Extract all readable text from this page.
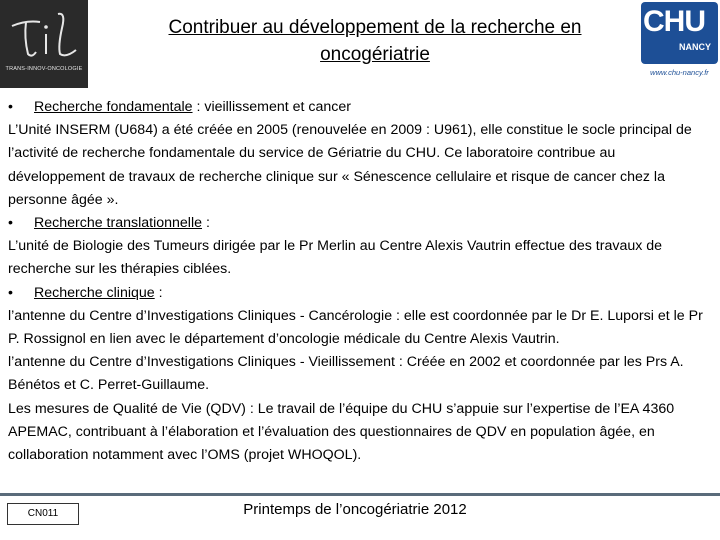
TRANS-INNOV-ONCOLOGIE
Contribuer au développement de la recherche en oncogériatrie
CHU
NANCY
www.chu-nancy.fr

• Recherche fondamentale : vieillissement et cancer

L’Unité INSERM (U684) a été créée en 2005 (renouvelée en 2009 : U961), elle constitue le socle principal de l’activité de recherche fondamentale du service de Gériatrie du CHU. Ce laboratoire contribue au développement de travaux de recherche clinique sur « Sénescence cellulaire et risque de cancer chez la personne âgée ».

• Recherche translationnelle :

L’unité de Biologie des Tumeurs dirigée par le Pr Merlin au Centre Alexis Vautrin effectue des travaux de recherche sur les thérapies ciblées.

• Recherche clinique :

l’antenne du Centre d’Investigations Cliniques - Cancérologie : elle est coordonnée par le Dr E. Luporsi et le Pr P. Rossignol en lien avec le département d’oncologie médicale du Centre Alexis Vautrin.

l’antenne du Centre d’Investigations Cliniques - Vieillissement : Créée en 2002 et coordonnée par les Prs A. Bénétos et C. Perret-Guillaume.

Les mesures de Qualité de Vie (QDV) : Le travail de l’équipe du CHU s’appuie sur l’expertise de l’EA 4360 APEMAC, contribuant à l’élaboration et l’évaluation des questionnaires de QDV en population âgée, en collaboration notamment avec l’OMS (projet WHOQOL).

CN011	Printemps de l’oncogériatrie 2012
